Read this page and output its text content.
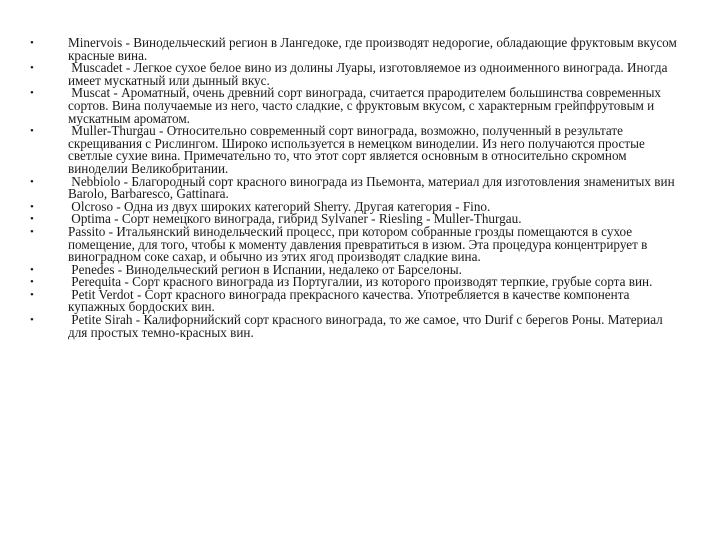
•	Minervois - Винодельческий регион в Лангедоке, где производят недорогие, обладающие фруктовым вкусом красные вина.
•	Muscadet - Легкое сухое белое вино из долины Луары, изготовляемое из одноименного винограда. Иногда имеет мускатный или дынный вкус.
•	Muscat - Ароматный, очень древний сорт винограда, считается прародителем большинства современных сортов. Вина получаемые из него, часто сладкие, с фруктовым вкусом, с характерным грейпфрутовым и мускатным ароматом.
•	Muller-Thurgau - Относительно современный сорт винограда, возможно, полученный в результате скрещивания с Рислингом. Широко используется в немецком виноделии. Из него получаются простые светлые сухие вина. Примечательно то, что этот сорт является основным в относительно скромном виноделии Великобритании.
•	Nebbiolo - Благородный сорт красного винограда из Пьемонта, материал для изготовления знаменитых вин Barolo, Barbaresco, Gattinara.
•	Olcroso - Одна из двух широких категорий Sherry. Другая категория - Fino.
•	Optima - Сорт немецкого винограда, гибрид Sylvaner - Riesling - Muller-Thurgau.
•	Passito - Итальянский винодельческий процесс, при котором собранные грозды помещаются в сухое помещение, для того, чтобы к моменту давления превратиться в изюм. Эта процедура концентрирует в виноградном соке сахар, и обычно из этих ягод производят сладкие вина.
•	Penedes - Винодельческий регион в Испании, недалеко от Барселоны.
•	Perequita - Сорт красного винограда из Португалии, из которого производят терпкие, грубые сорта вин.
•	Petit Verdot - Сорт красного винограда прекрасного качества. Употребляется в качестве компонента купажных бордоских вин.
•	Petite Sirah - Калифорнийский сорт красного винограда, то же самое, что Durif с берегов Роны. Материал для простых темно-красных вин.
